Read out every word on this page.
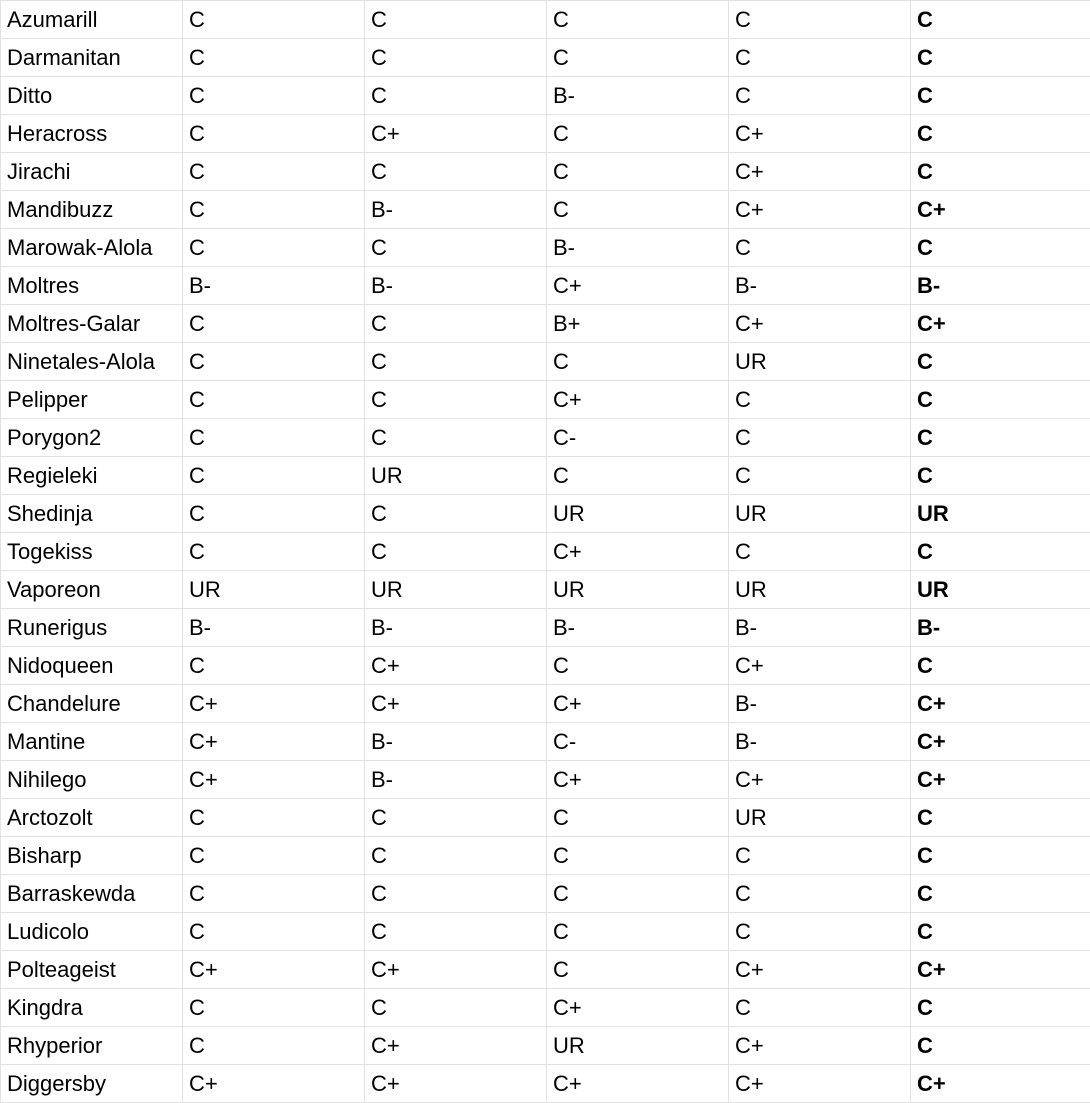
Azumarill	C	C	C	C	C
Darmanitan	C	C	C	C	C
Ditto	C	C	B-	C	C
Heracross	C	C+	C	C+	C
Jirachi	C	C	C	C+	C
Mandibuzz	C	B-	C	C+	C+
Marowak-Alola	C	C	B-	C	C
Moltres	B-	B-	C+	B-	B-
Moltres-Galar	C	C	B+	C+	C+
Ninetales-Alola	C	C	C	UR	C
Pelipper	C	C	C+	C	C
Porygon2	C	C	C-	C	C
Regieleki	C	UR	C	C	C
Shedinja	C	C	UR	UR	UR
Togekiss	C	C	C+	C	C
Vaporeon	UR	UR	UR	UR	UR
Runerigus	B-	B-	B-	B-	B-
Nidoqueen	C	C+	C	C+	C
Chandelure	C+	C+	C+	B-	C+
Mantine	C+	B-	C-	B-	C+
Nihilego	C+	B-	C+	C+	C+
Arctozolt	C	C	C	UR	C
Bisharp	C	C	C	C	C
Barraskewda	C	C	C	C	C
Ludicolo	C	C	C	C	C
Polteageist	C+	C+	C	C+	C+
Kingdra	C	C	C+	C	C
Rhyperior	C	C+	UR	C+	C
Diggersby	C+	C+	C+	C+	C+
